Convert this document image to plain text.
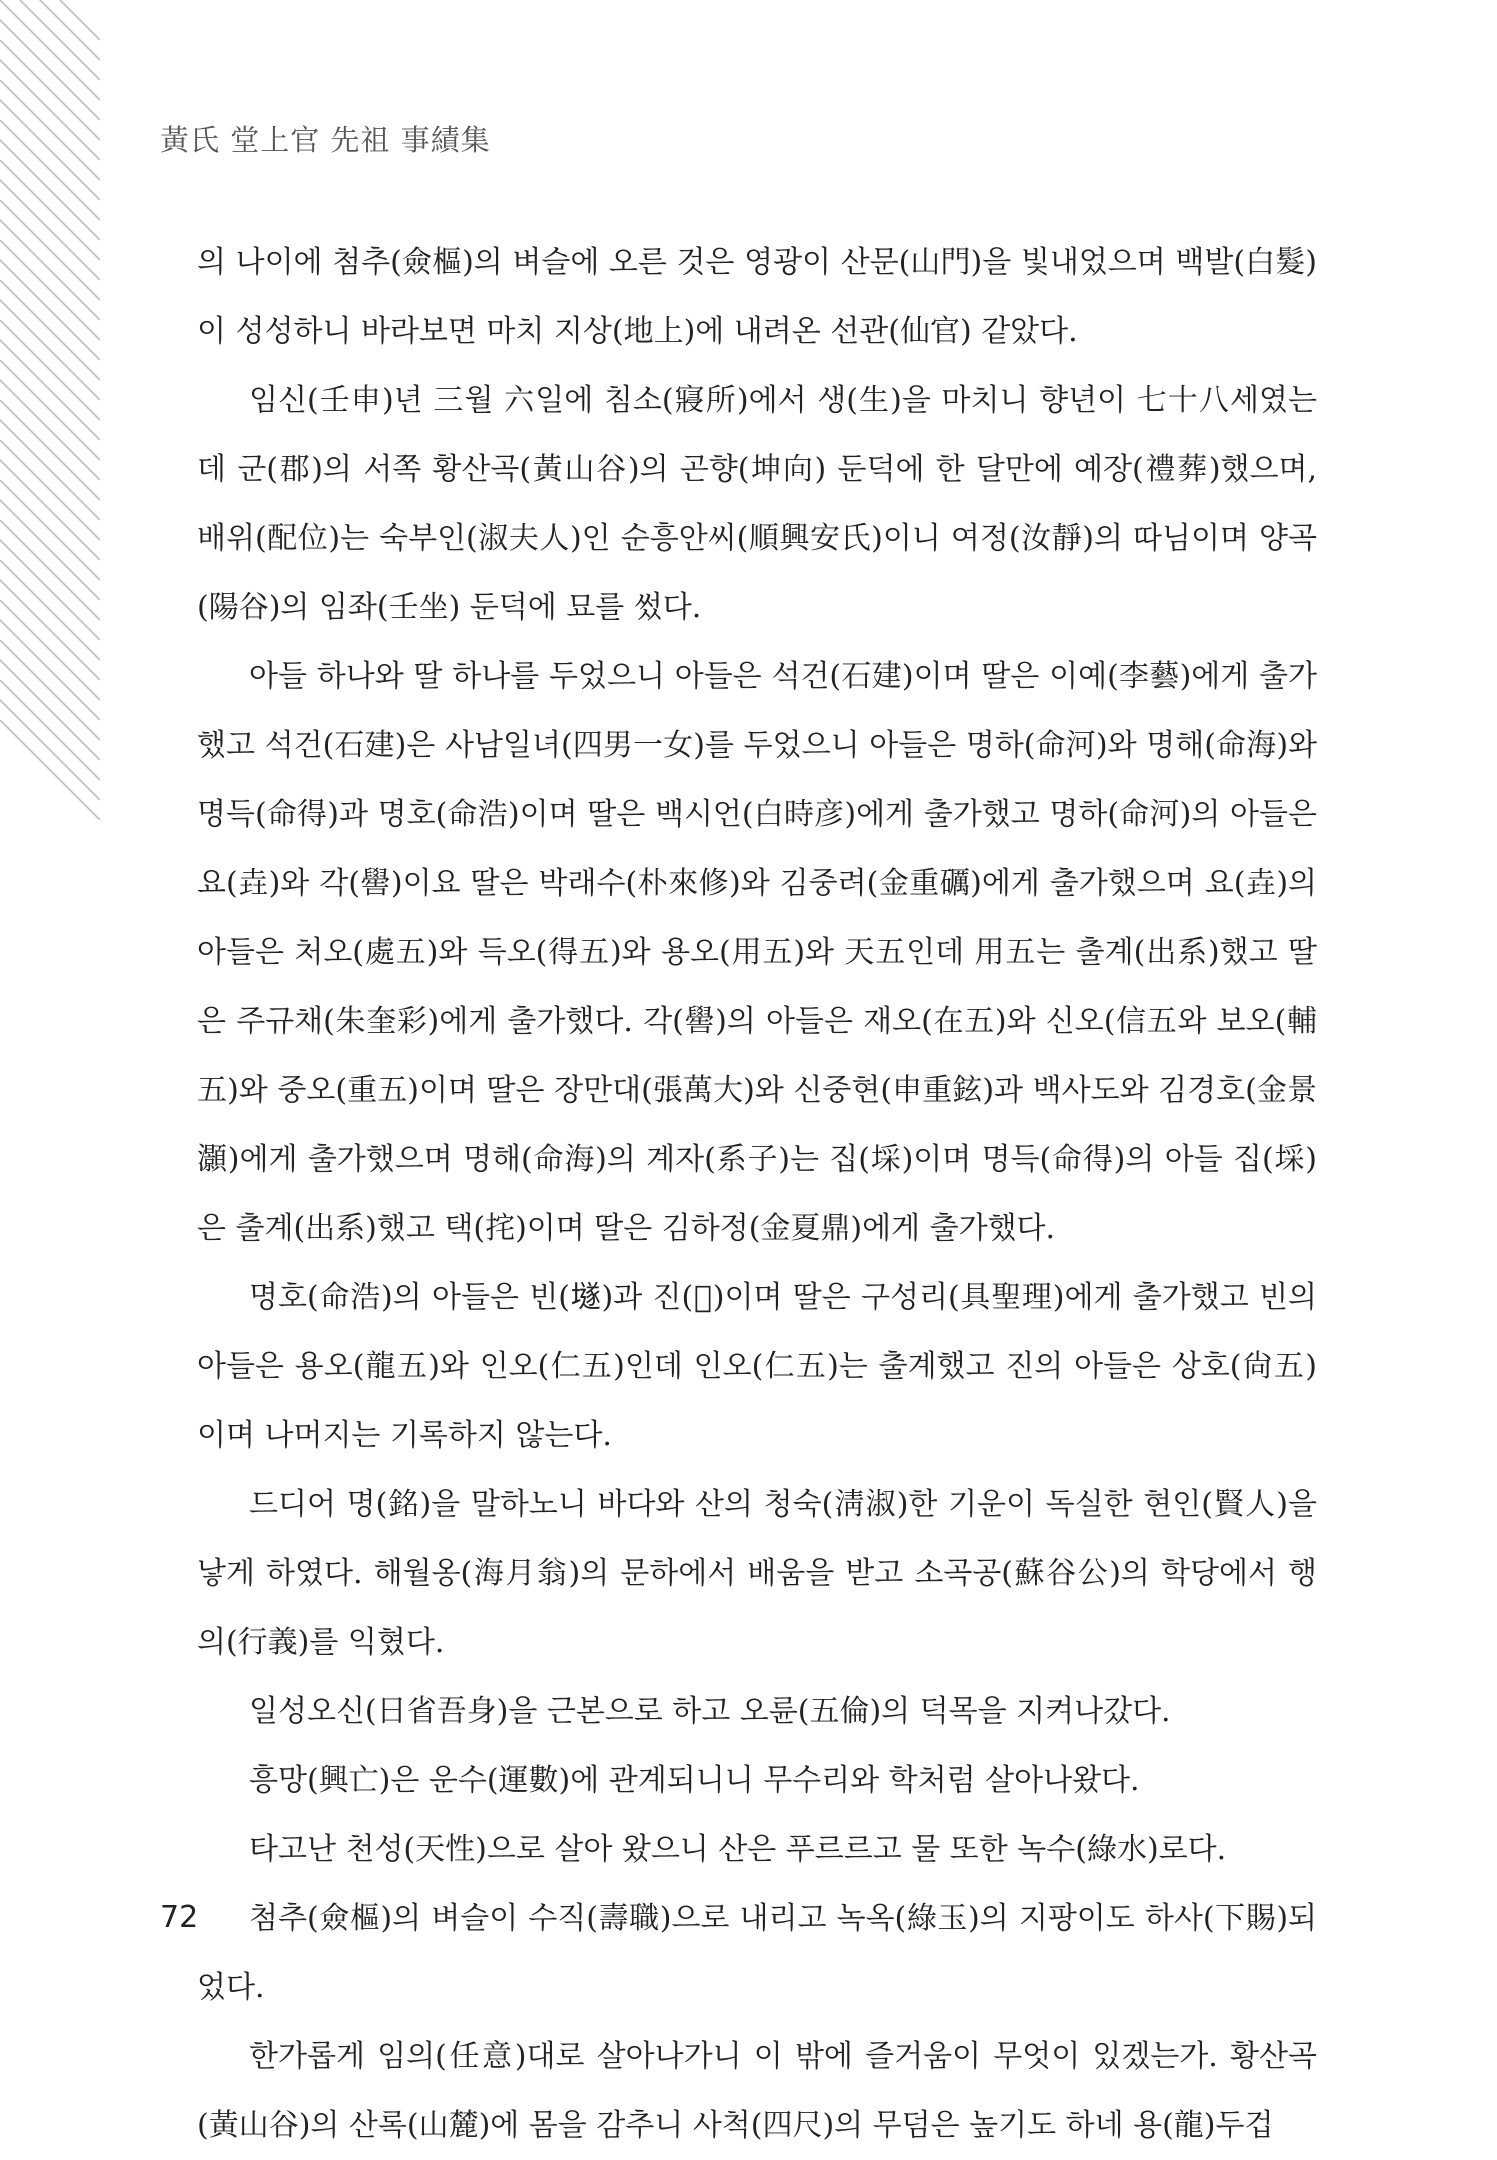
黃氏 堂上官 先祖 事績集

의 나이에 첨추(僉樞)의 벼슬에 오른 것은 영광이 산문(山門)을 빛내었으며 백발(白髮)이 성성하니 바라보면 마치 지상(地上)에 내려온 선관(仙官) 같았다.

임신(壬申)년 三월 六일에 침소(寢所)에서 생(生)을 마치니 향년이 七十八세였는데 군(郡)의 서쪽 황산곡(黃山谷)의 곤향(坤向) 둔덕에 한 달만에 예장(禮葬)했으며, 배위(配位)는 숙부인(淑夫人)인 순흥안씨(順興安氏)이니 여정(汝靜)의 따님이며 양곡(陽谷)의 임좌(壬坐) 둔덕에 묘를 썼다.

아들 하나와 딸 하나를 두었으니 아들은 석건(石建)이며 딸은 이예(李藝)에게 출가했고 석건(石建)은 사남일녀(四男一女)를 두었으니 아들은 명하(命河)와 명해(命海)와 명득(命得)과 명호(命浩)이며 딸은 백시언(白時彦)에게 출가했고 명하(命河)의 아들은 요(垚)와 각(嚳)이요 딸은 박래수(朴來修)와 김중려(金重礪)에게 출가했으며 요(垚)의 아들은 처오(處五)와 득오(得五)와 용오(用五)와 天五인데 用五는 출계(出系)했고 딸은 주규채(朱奎彩)에게 출가했다. 각(嚳)의 아들은 재오(在五)와 신오(信五와 보오(輔五)와 중오(重五)이며 딸은 장만대(張萬大)와 신중현(申重鉉)과 백사도와 김경호(金景灝)에게 출가했으며 명해(命海)의 계자(系子)는 집(埰)이며 명득(命得)의 아들 집(埰)은 출계(出系)했고 택(挓)이며 딸은 김하정(金夏鼎)에게 출가했다.

명호(命浩)의 아들은 빈(𡑞)과 진(𡏓)이며 딸은 구성리(具聖理)에게 출가했고 빈의 아들은 용오(龍五)와 인오(仁五)인데 인오(仁五)는 출계했고 진의 아들은 상호(尙五)이며 나머지는 기록하지 않는다.

드디어 명(銘)을 말하노니 바다와 산의 청숙(淸淑)한 기운이 독실한 현인(賢人)을 낳게 하였다. 해월옹(海月翁)의 문하에서 배움을 받고 소곡공(蘇谷公)의 학당에서 행의(行義)를 익혔다.

일성오신(日省吾身)을 근본으로 하고 오륜(五倫)의 덕목을 지켜나갔다.

흥망(興亡)은 운수(運數)에 관계되니니 무수리와 학처럼 살아나왔다.

타고난 천성(天性)으로 살아 왔으니 산은 푸르르고 물 또한 녹수(綠水)로다.

첨추(僉樞)의 벼슬이 수직(壽職)으로 내리고 녹옥(綠玉)의 지팡이도 하사(下賜)되었다.

한가롭게 임의(任意)대로 살아나가니 이 밖에 즐거움이 무엇이 있겠는가. 황산곡(黃山谷)의 산록(山麓)에 몸을 감추니 사척(四尺)의 무덤은 높기도 하네 용(龍)두겁

72
